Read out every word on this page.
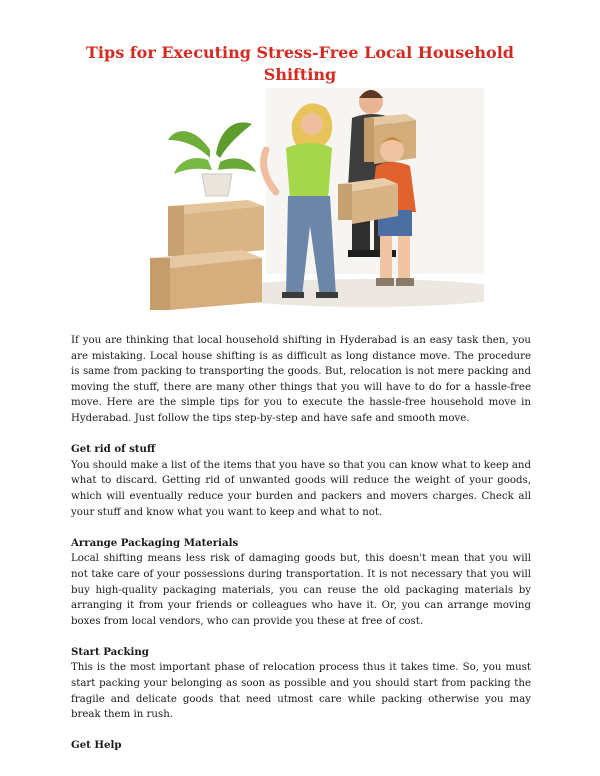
Tips for Executing Stress-Free Local Household Shifting

If you are thinking that local household shifting in Hyderabad is an easy task then, you are mistaking. Local house shifting is as difficult as long distance move. The procedure is same from packing to transporting the goods. But, relocation is not mere packing and moving the stuff, there are many other things that you will have to do for a hassle-free move. Here are the simple tips for you to execute the hassle-free household move in Hyderabad. Just follow the tips step-by-step and have safe and smooth move.

Get rid of stuff

You should make a list of the items that you have so that you can know what to keep and what to discard. Getting rid of unwanted goods will reduce the weight of your goods, which will eventually reduce your burden and packers and movers charges. Check all your stuff and know what you want to keep and what to not.

Arrange Packaging Materials

Local shifting means less risk of damaging goods but, this doesn't mean that you will not take care of your possessions during transportation. It is not necessary that you will buy high-quality packaging materials, you can reuse the old packaging materials by arranging it from your friends or colleagues who have it. Or, you can arrange moving boxes from local vendors, who can provide you these at free of cost.

Start Packing

This is the most important phase of relocation process thus it takes time. So, you must start packing your belonging as soon as possible and you should start from packing the fragile and delicate goods that need utmost care while packing otherwise you may break them in rush.

Get Help
